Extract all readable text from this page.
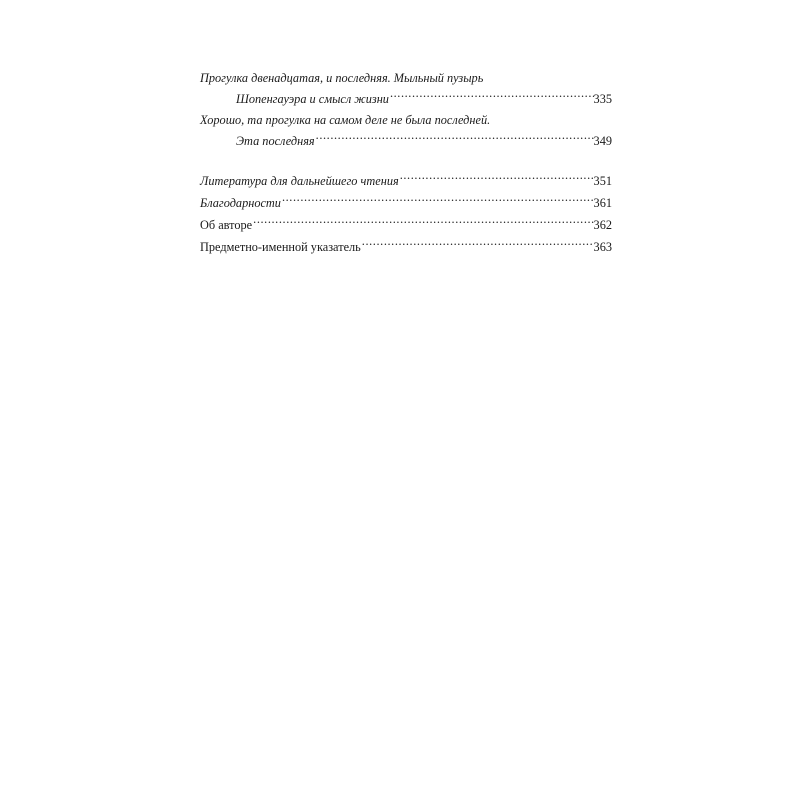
Прогулка двенадцатая, и последняя. Мыльный пузырь
Шопенгауэра и смысл жизни .....	335
Хорошо, та прогулка на самом деле не была последней.
Эта последняя .....	349
Литература для дальнейшего чтения .....	351
Благодарности .....	361
Об авторе .....	362
Предметно-именной указатель .....	363
